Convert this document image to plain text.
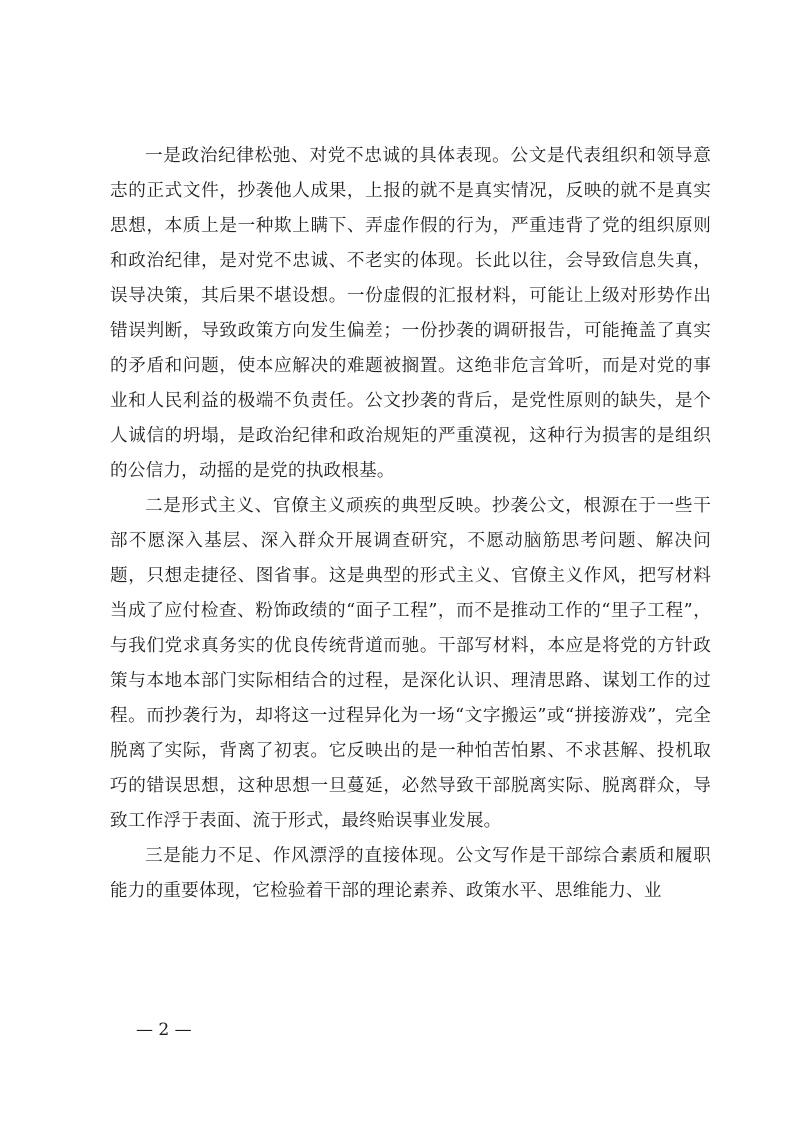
一是政治纪律松弛、对党不忠诚的具体表现。公文是代表组织和领导意志的正式文件，抄袭他人成果，上报的就不是真实情况，反映的就不是真实思想，本质上是一种欺上瞒下、弄虚作假的行为，严重违背了党的组织原则和政治纪律，是对党不忠诚、不老实的体现。长此以往，会导致信息失真，误导决策，其后果不堪设想。一份虚假的汇报材料，可能让上级对形势作出错误判断，导致政策方向发生偏差；一份抄袭的调研报告，可能掩盖了真实的矛盾和问题，使本应解决的难题被搁置。这绝非危言耸听，而是对党的事业和人民利益的极端不负责任。公文抄袭的背后，是党性原则的缺失，是个人诚信的坍塌，是政治纪律和政治规矩的严重漠视，这种行为损害的是组织的公信力，动摇的是党的执政根基。

二是形式主义、官僚主义顽疾的典型反映。抄袭公文，根源在于一些干部不愿深入基层、深入群众开展调查研究，不愿动脑筋思考问题、解决问题，只想走捷径、图省事。这是典型的形式主义、官僚主义作风，把写材料当成了应付检查、粉饰政绩的“面子工程”，而不是推动工作的“里子工程”，与我们党求真务实的优良传统背道而驰。干部写材料，本应是将党的方针政策与本地本部门实际相结合的过程，是深化认识、理清思路、谋划工作的过程。而抄袭行为，却将这一过程异化为一场“文字搬运”或“拼接游戏”，完全脱离了实际，背离了初衷。它反映出的是一种怕苦怕累、不求甚解、投机取巧的错误思想，这种思想一旦蔓延，必然导致干部脱离实际、脱离群众，导致工作浮于表面、流于形式，最终贻误事业发展。

三是能力不足、作风漂浮的直接体现。公文写作是干部综合素质和履职能力的重要体现，它检验着干部的理论素养、政策水平、思维能力、业

— 2 —
